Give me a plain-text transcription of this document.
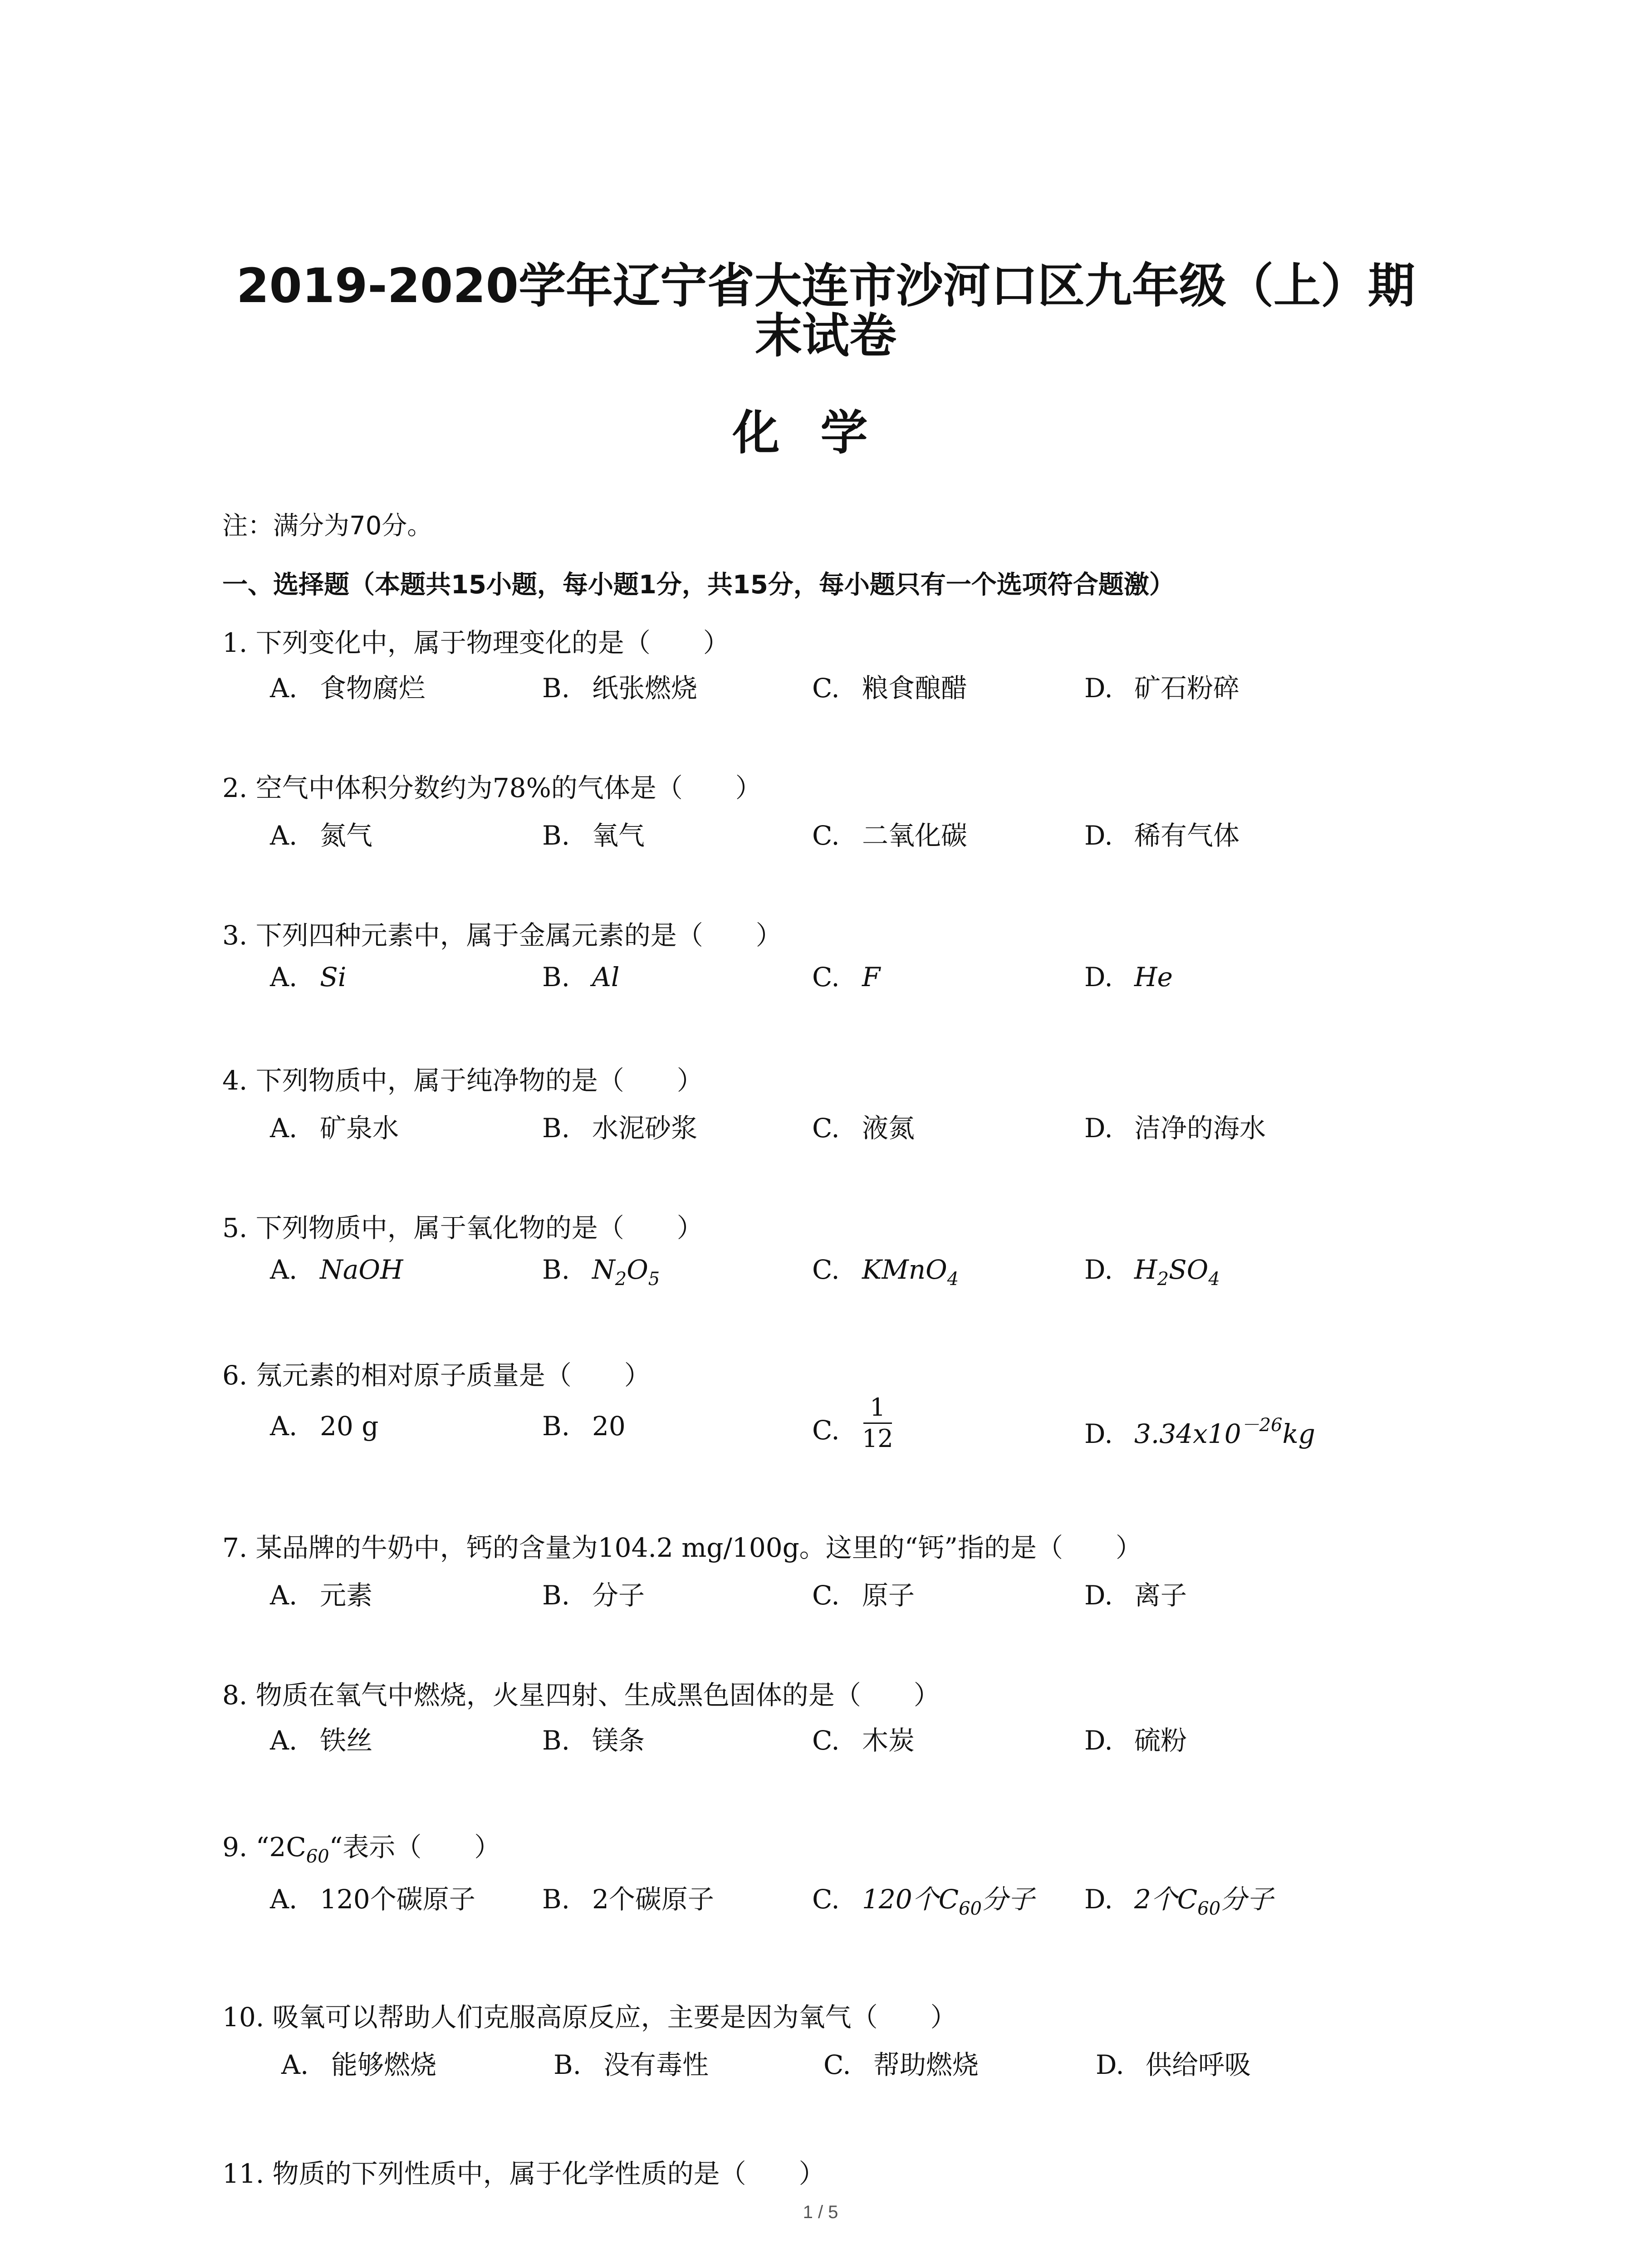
2019-2020学年辽宁省大连市沙河口区九年级（上）期
末试卷
化学
注：满分为70分。
一、选择题（本题共15小题，每小题1分，共15分，每小题只有一个选项符合题激）
1. 下列变化中，属于物理变化的是（　　）
A. 食物腐烂	B. 纸张燃烧	C. 粮食酿醋	D. 矿石粉碎
2. 空气中体积分数约为78%的气体是（　　）
A. 氮气	B. 氧气	C. 二氧化碳	D. 稀有气体
3. 下列四种元素中，属于金属元素的是（　　）
A. Si	B. Al	C. F	D. He
4. 下列物质中，属于纯净物的是（　　）
A. 矿泉水	B. 水泥砂浆	C. 液氮	D. 洁净的海水
5. 下列物质中，属于氧化物的是（　　）
A. NaOH	B. $N_2O_5$	C. KMnO$_4$	D. $H_2SO_4$
6. 氖元素的相对原子质量是（　　）
A. 20 g	B. 20	C. $\frac{1}{12}$	D. $3.34x10^{-26}kg$
7. 某品牌的牛奶中，钙的含量为104.2 mg/100g。这里的“钙”指的是（　　）
A. 元素	B. 分子	C. 原子	D. 离子
8. 物质在氧气中燃烧，火星四射、生成黑色固体的是（　　）
A. 铁丝	B. 镁条	C. 木炭	D. 硫粉
9. “$2C_{60}“$表示（　　）
A. 120个碳原子	B. 2个碳原子	C. 120个$C_{60}$分子 D. 2个$C_{60}$分子
10. 吸氧可以帮助人们克服高原反应，主要是因为氧气（　　）
A. 能够燃烧	B. 没有毒性	C. 帮助燃烧	D. 供给呼吸
11. 物质的下列性质中，属于化学性质的是（　　）
1 / 5
